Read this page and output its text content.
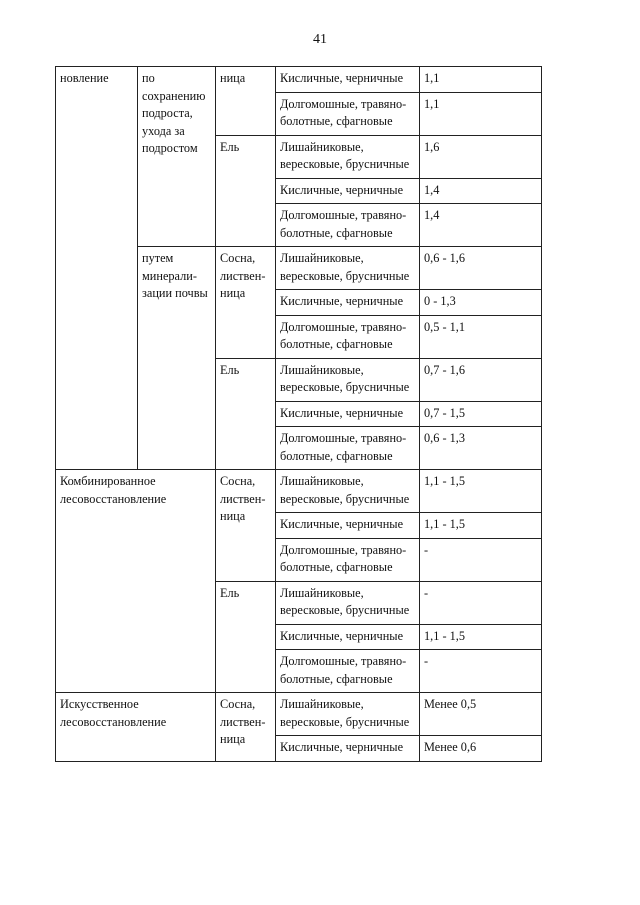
41
новление	по сохранению подроста, ухода за подростом	ница	Кисличные, черничные	1,1
			Долгомошные, травяно-болотные, сфагновые	1,1
		Ель	Лишайниковые, вересковые, брусничные	1,6
			Кисличные, черничные	1,4
			Долгомошные, травяно-болотные, сфагновые	1,4
	путем минерали-зации почвы	Сосна, листвен-ница	Лишайниковые, вересковые, брусничные	0,6 - 1,6
			Кисличные, черничные	0 - 1,3
			Долгомошные, травяно-болотные, сфагновые	0,5 - 1,1
		Ель	Лишайниковые, вересковые, брусничные	0,7 - 1,6
			Кисличные, черничные	0,7 - 1,5
			Долгомошные, травяно-болотные, сфагновые	0,6 - 1,3
Комбинированное лесовосстановление		Сосна, листвен-ница	Лишайниковые, вересковые, брусничные	1,1 - 1,5
			Кисличные, черничные	1,1 - 1,5
			Долгомошные, травяно-болотные, сфагновые	-
		Ель	Лишайниковые, вересковые, брусничные	-
			Кисличные, черничные	1,1 - 1,5
			Долгомошные, травяно-болотные, сфагновые	-
Искусственное лесовосстановление		Сосна, листвен-ница	Лишайниковые, вересковые, брусничные	Менее 0,5
			Кисличные, черничные	Менее 0,6
